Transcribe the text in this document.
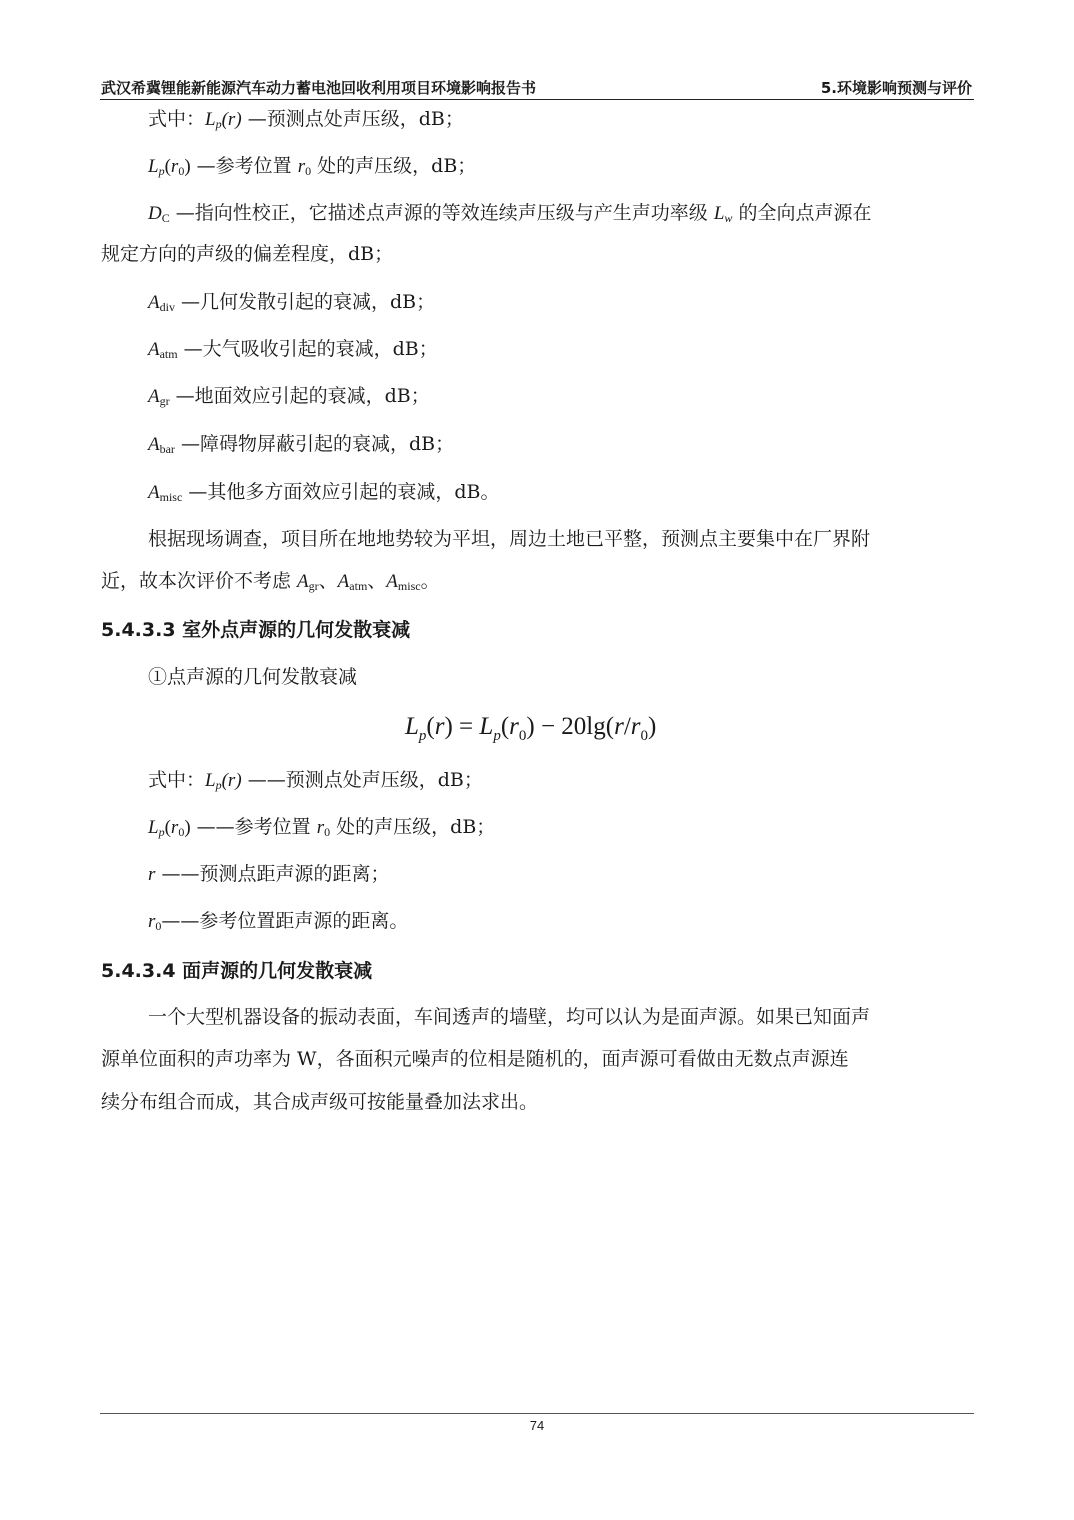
武汉希冀锂能新能源汽车动力蓄电池回收利用项目环境影响报告书	5.环境影响预测与评价
式中：$L_p(r)$ —预测点处声压级，dB；
$L_p(r_0)$ —参考位置 $r_0$ 处的声压级，dB；
$D_C$ —指向性校正，它描述点声源的等效连续声压级与产生声功率级 $L_w$ 的全向点声源在
规定方向的声级的偏差程度，dB；
$A_{div}$ —几何发散引起的衰减，dB；
$A_{atm}$ —大气吸收引起的衰减，dB；
$A_{gr}$ —地面效应引起的衰减，dB；
$A_{bar}$ —障碍物屏蔽引起的衰减，dB；
$A_{misc}$ —其他多方面效应引起的衰减，dB。
根据现场调查，项目所在地地势较为平坦，周边土地已平整，预测点主要集中在厂界附
近，故本次评价不考虑 $A_{gr}$、$A_{atm}$、$A_{misc}$。
5.4.3.3 室外点声源的几何发散衰减
①点声源的几何发散衰减
$L_p(r) = L_p(r_0) - 20\lg(r/r_0)$
式中：$L_p(r)$ ——预测点处声压级，dB；
$L_p(r_0)$ ——参考位置 $r_0$ 处的声压级，dB；
r ——预测点距声源的距离；
$r_0——$参考位置距声源的距离。
5.4.3.4 面声源的几何发散衰减
一个大型机器设备的振动表面，车间透声的墙壁，均可以认为是面声源。如果已知面声
源单位面积的声功率为 W，各面积元噪声的位相是随机的，面声源可看做由无数点声源连
续分布组合而成，其合成声级可按能量叠加法求出。
74
